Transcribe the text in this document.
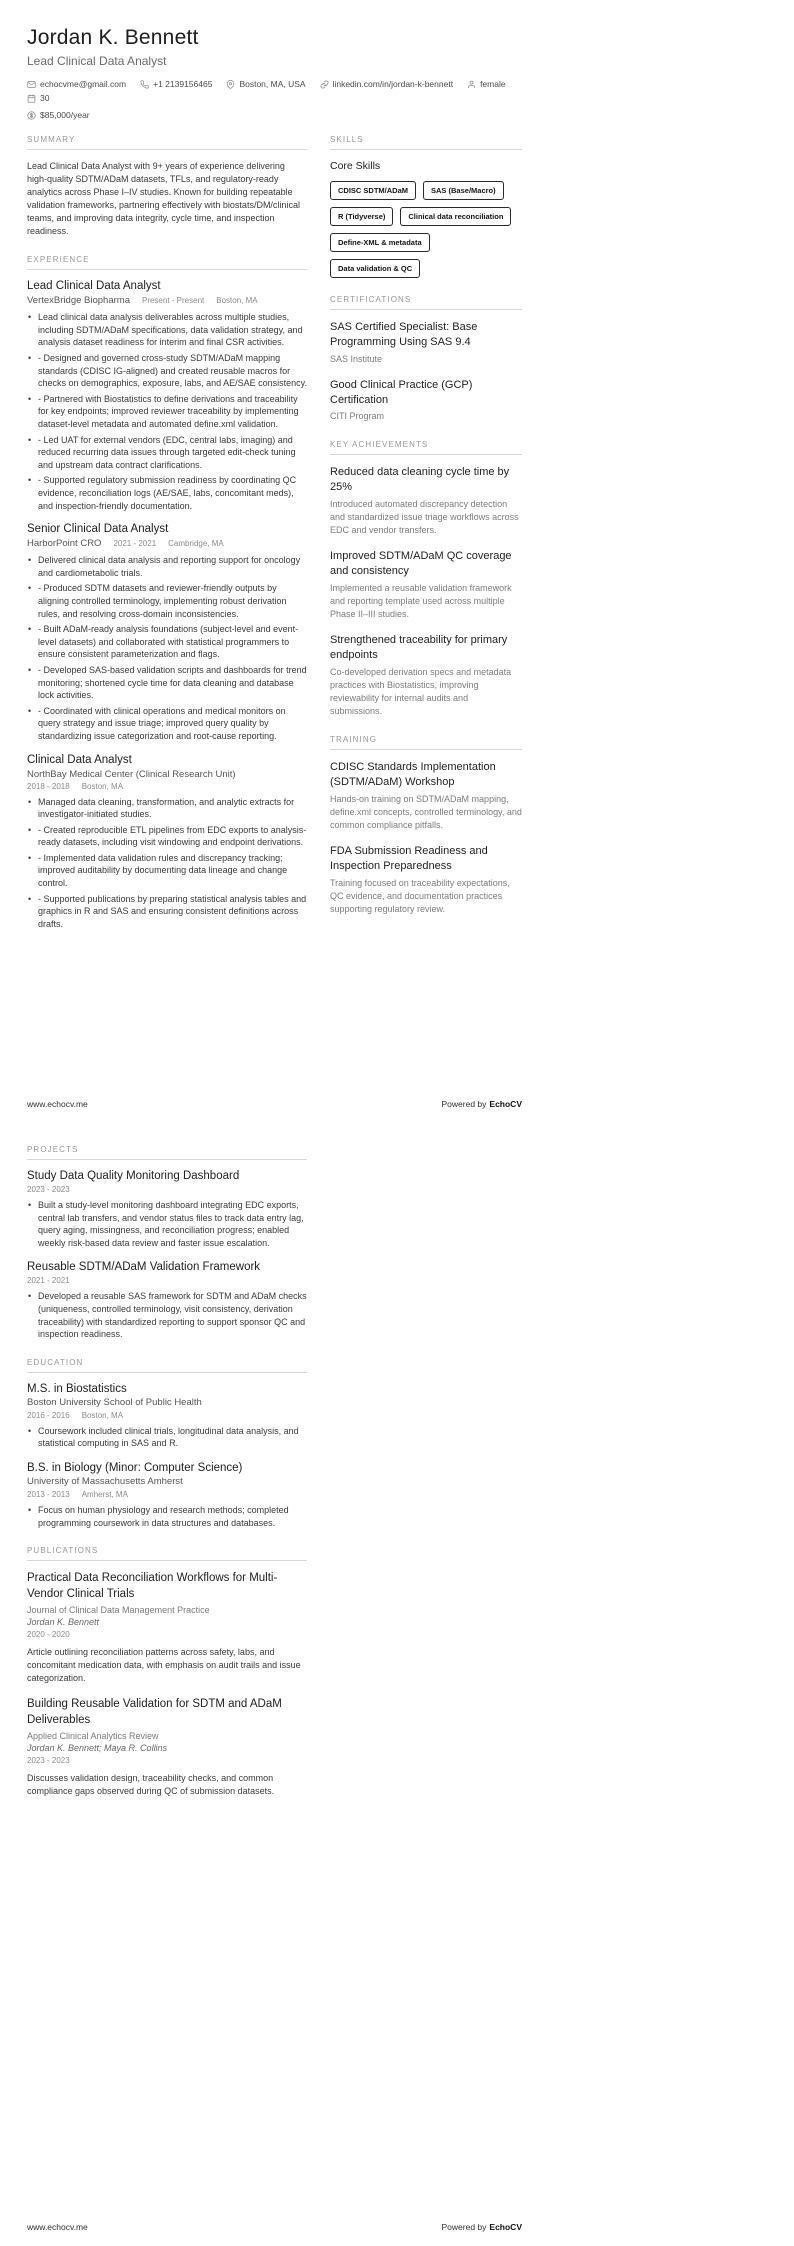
Jordan K. Bennett
Lead Clinical Data Analyst
echocvme@gmail.com	+1 2139156465	Boston, MA, USA	linkedin.com/in/jordan-k-bennett	female
30
$85,000/year
SUMMARY

Lead Clinical Data Analyst with 9+ years of experience delivering high-quality SDTM/ADaM datasets, TFLs, and regulatory-ready analytics across Phase I–IV studies. Known for building repeatable validation frameworks, partnering effectively with biostats/DM/clinical teams, and improving data integrity, cycle time, and inspection readiness.

EXPERIENCE
Lead Clinical Data Analyst
VertexBridge Biopharma Present - Present Boston, MA
• Lead clinical data analysis deliverables across multiple studies, including SDTM/ADaM specifications, data validation strategy, and analysis dataset readiness for interim and final CSR activities.
• - Designed and governed cross-study SDTM/ADaM mapping standards (CDISC IG-aligned) and created reusable macros for checks on demographics, exposure, labs, and AE/SAE consistency.
• - Partnered with Biostatistics to define derivations and traceability for key endpoints; improved reviewer traceability by implementing dataset-level metadata and automated define.xml validation.
• - Led UAT for external vendors (EDC, central labs, imaging) and reduced recurring data issues through targeted edit-check tuning and upstream data contract clarifications.
• - Supported regulatory submission readiness by coordinating QC evidence, reconciliation logs (AE/SAE, labs, concomitant meds), and inspection-friendly documentation.
Senior Clinical Data Analyst
HarborPoint CRO 2021 - 2021 Cambridge, MA
• Delivered clinical data analysis and reporting support for oncology and cardiometabolic trials.
• - Produced SDTM datasets and reviewer-friendly outputs by aligning controlled terminology, implementing robust derivation rules, and resolving cross-domain inconsistencies.
• - Built ADaM-ready analysis foundations (subject-level and event-level datasets) and collaborated with statistical programmers to ensure consistent parameterization and flags.
• - Developed SAS-based validation scripts and dashboards for trend monitoring; shortened cycle time for data cleaning and database lock activities.
• - Coordinated with clinical operations and medical monitors on query strategy and issue triage; improved query quality by standardizing issue categorization and root-cause reporting.
Clinical Data Analyst
NorthBay Medical Center (Clinical Research Unit)
2018 - 2018 Boston, MA
• Managed data cleaning, transformation, and analytic extracts for investigator-initiated studies.
• - Created reproducible ETL pipelines from EDC exports to analysis-ready datasets, including visit windowing and endpoint derivations.
• - Implemented data validation rules and discrepancy tracking; improved auditability by documenting data lineage and change control.
• - Supported publications by preparing statistical analysis tables and graphics in R and SAS and ensuring consistent definitions across drafts.
SKILLS
Core Skills
CDISC SDTM/ADaM	SAS (Base/Macro)
R (Tidyverse)	Clinical data reconciliation
Define-XML & metadata
Data validation & QC
CERTIFICATIONS
SAS Certified Specialist: Base Programming Using SAS 9.4
SAS Institute
Good Clinical Practice (GCP) Certification
CITI Program
KEY ACHIEVEMENTS
Reduced data cleaning cycle time by 25%
Introduced automated discrepancy detection and standardized issue triage workflows across EDC and vendor transfers.
Improved SDTM/ADaM QC coverage and consistency
Implemented a reusable validation framework and reporting template used across multiple Phase II–III studies.
Strengthened traceability for primary endpoints
Co-developed derivation specs and metadata practices with Biostatistics, improving reviewability for internal audits and submissions.
TRAINING
CDISC Standards Implementation (SDTM/ADaM) Workshop
Hands-on training on SDTM/ADaM mapping, define.xml concepts, controlled terminology, and common compliance pitfalls.
FDA Submission Readiness and Inspection Preparedness
Training focused on traceability expectations, QC evidence, and documentation practices supporting regulatory review.
www.echocv.me	Powered by EchoCV
PROJECTS
Study Data Quality Monitoring Dashboard
2023 - 2023
• Built a study-level monitoring dashboard integrating EDC exports, central lab transfers, and vendor status files to track data entry lag, query aging, missingness, and reconciliation progress; enabled weekly risk-based data review and faster issue escalation.
Reusable SDTM/ADaM Validation Framework
2021 - 2021
• Developed a reusable SAS framework for SDTM and ADaM checks (uniqueness, controlled terminology, visit consistency, derivation traceability) with standardized reporting to support sponsor QC and inspection readiness.
EDUCATION
M.S. in Biostatistics
Boston University School of Public Health
2016 - 2016 Boston, MA
• Coursework included clinical trials, longitudinal data analysis, and statistical computing in SAS and R.
B.S. in Biology (Minor: Computer Science)
University of Massachusetts Amherst
2013 - 2013 Amherst, MA
• Focus on human physiology and research methods; completed programming coursework in data structures and databases.
PUBLICATIONS
Practical Data Reconciliation Workflows for Multi-Vendor Clinical Trials
Journal of Clinical Data Management Practice
Jordan K. Bennett
2020 - 2020
Article outlining reconciliation patterns across safety, labs, and concomitant medication data, with emphasis on audit trails and issue categorization.
Building Reusable Validation for SDTM and ADaM Deliverables
Applied Clinical Analytics Review
Jordan K. Bennett; Maya R. Collins
2023 - 2023
Discusses validation design, traceability checks, and common compliance gaps observed during QC of submission datasets.
www.echocv.me	Powered by EchoCV
